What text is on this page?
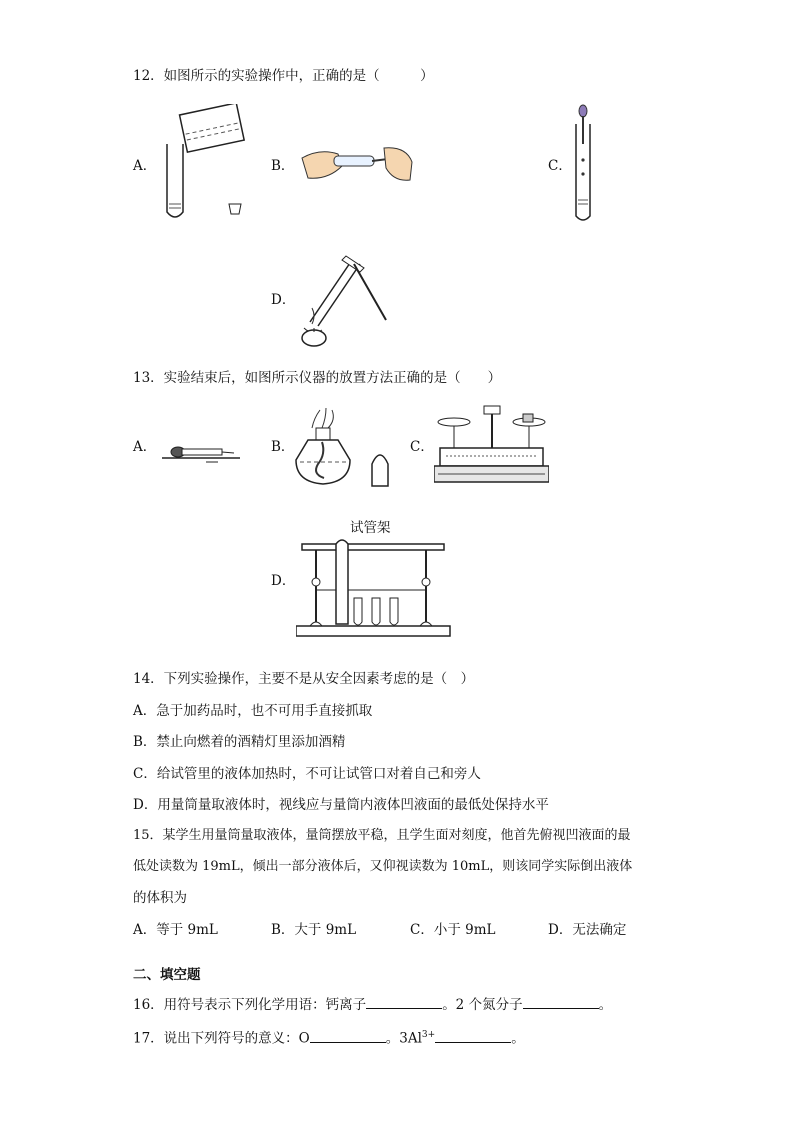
12．如图所示的实验操作中，正确的是（　　　）
A．	B．	C．
D．
13．实验结束后，如图所示仪器的放置方法正确的是（　　）
A．	B．	C．
试管架
D．
14．下列实验操作，主要不是从安全因素考虑的是（　）
A．急于加药品时，也不可用手直接抓取
B．禁止向燃着的酒精灯里添加酒精
C．给试管里的液体加热时，不可让试管口对着自己和旁人
D．用量筒量取液体时，视线应与量筒内液体凹液面的最低处保持水平
15．某学生用量筒量取液体，量筒摆放平稳，且学生面对刻度，他首先俯视凹液面的最
低处读数为 19mL，倾出一部分液体后，又仰视读数为 10mL，则该同学实际倒出液体
的体积为
A．等于 9mL	B．大于 9mL	C．小于 9mL	D．无法确定
二、填空题
16．用符号表示下列化学用语：钙离子	。2 个氮分子	。
17．说出下列符号的意义：O	。$3Al^{3+}$	。
